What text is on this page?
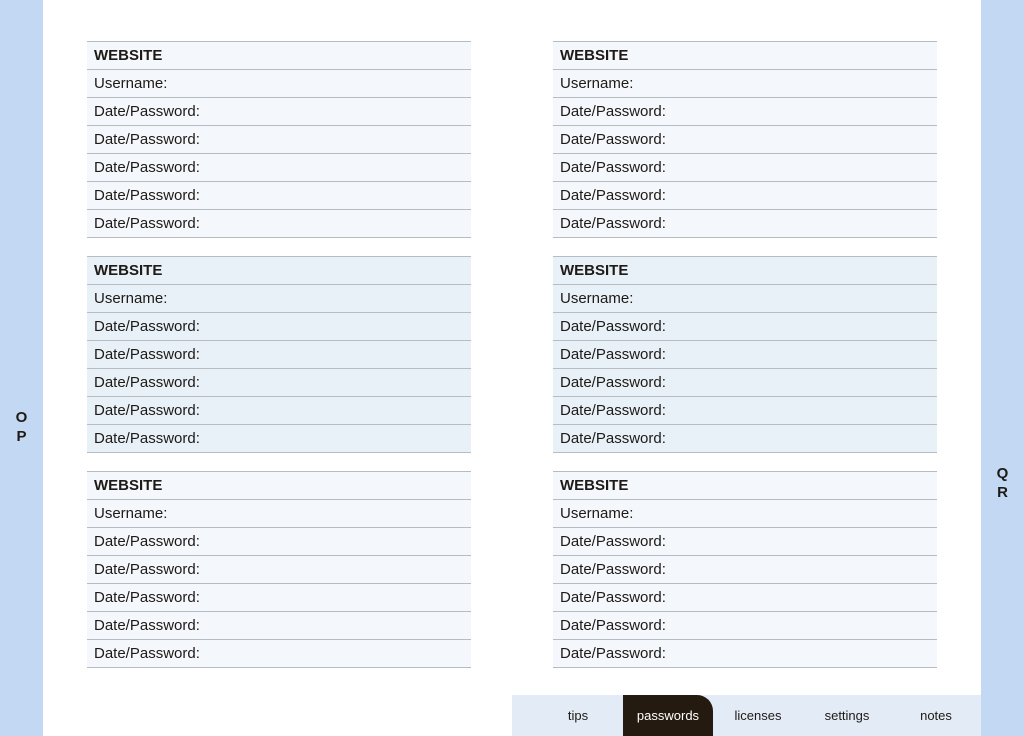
O
P
Q
R
WEBSITE
Username:
Date/Password:
Date/Password:
Date/Password:
Date/Password:
Date/Password:
WEBSITE
Username:
Date/Password:
Date/Password:
Date/Password:
Date/Password:
Date/Password:
WEBSITE
Username:
Date/Password:
Date/Password:
Date/Password:
Date/Password:
Date/Password:
WEBSITE
Username:
Date/Password:
Date/Password:
Date/Password:
Date/Password:
Date/Password:
WEBSITE
Username:
Date/Password:
Date/Password:
Date/Password:
Date/Password:
Date/Password:
WEBSITE
Username:
Date/Password:
Date/Password:
Date/Password:
Date/Password:
Date/Password:
tips	passwords	licenses	settings	notes
